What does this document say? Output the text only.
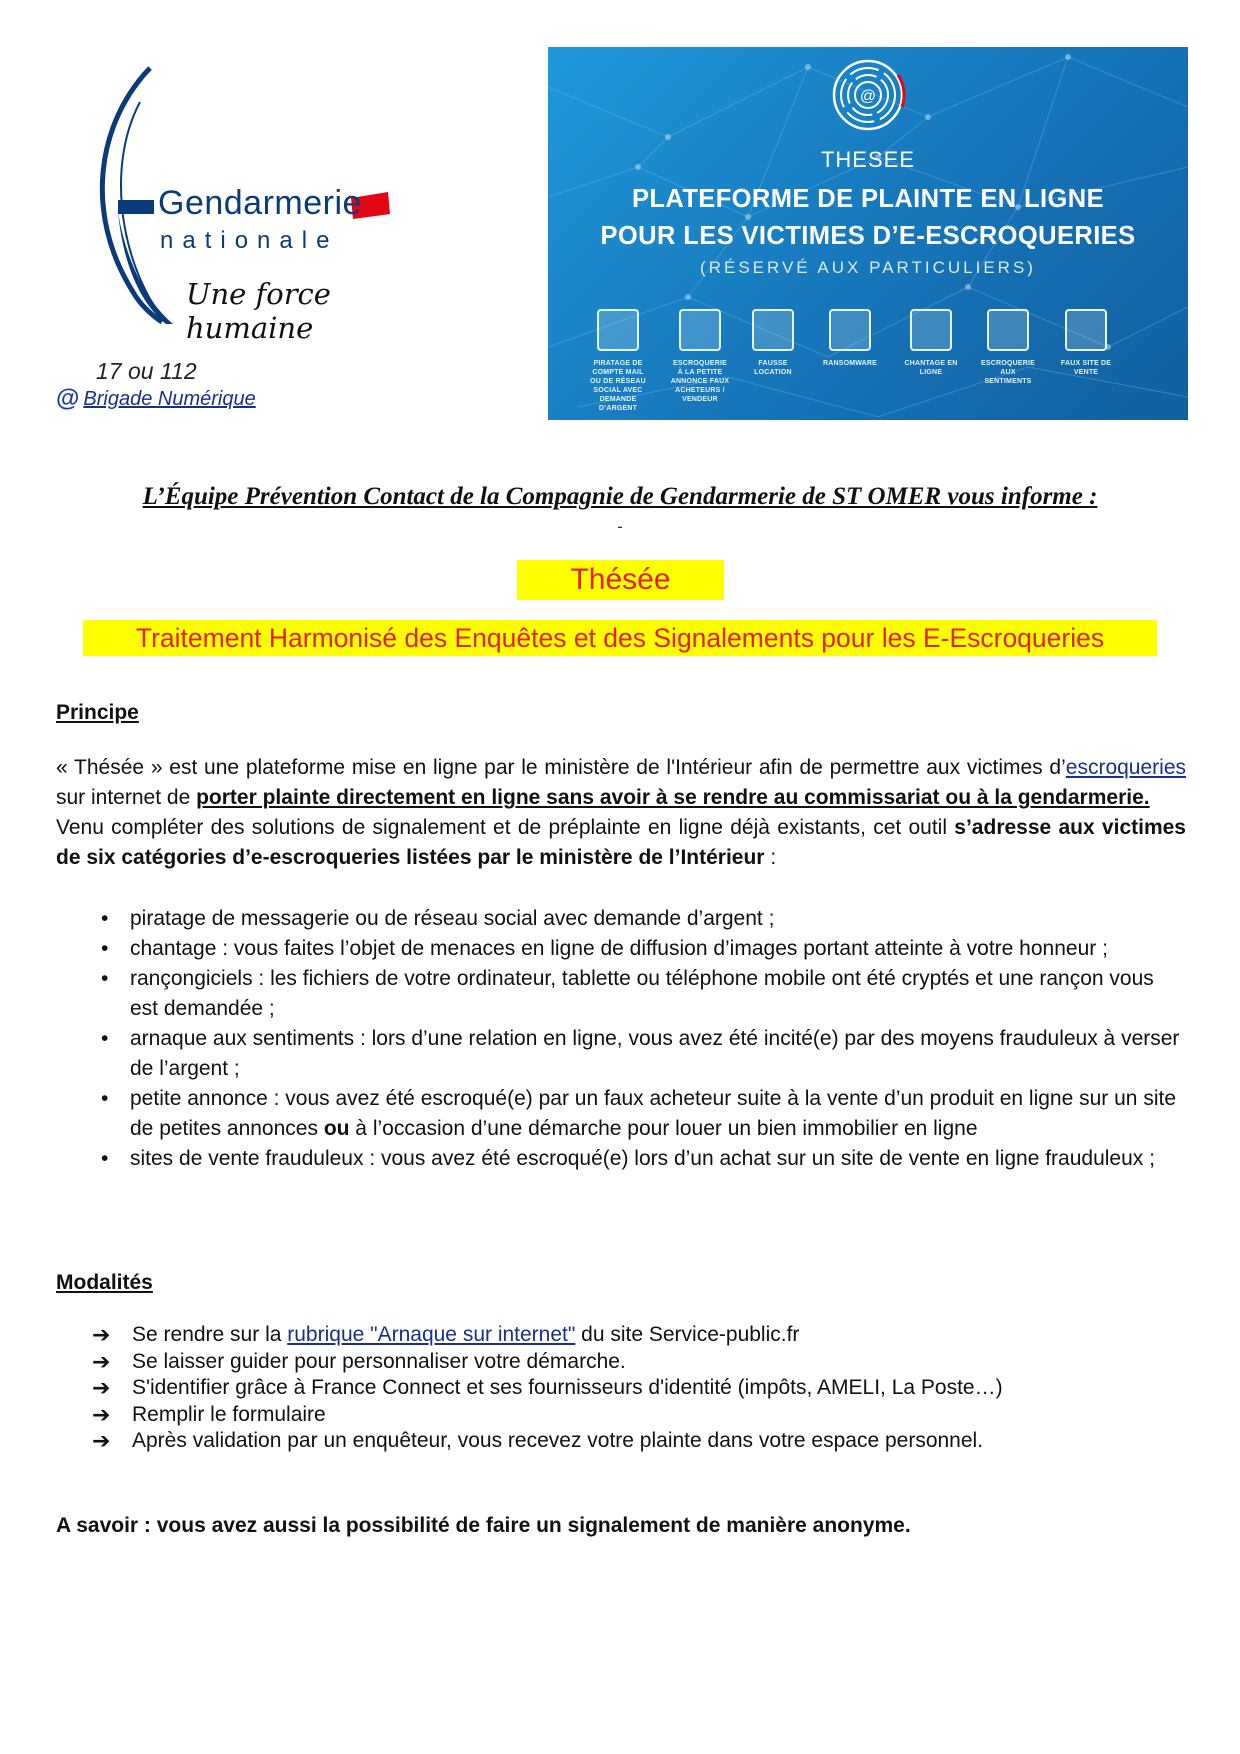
Gendarmerie
nationale
Une force humaine
17 ou 112
@ Brigade Numérique
@
THESEE
PLATEFORME DE PLAINTE EN LIGNE
POUR LES VICTIMES D’E-ESCROQUERIES
(RÉSERVÉ AUX PARTICULIERS)
PIRATAGE DE COMPTE MAIL OU DE RÉSEAU SOCIAL AVEC DEMANDE D’ARGENT
ESCROQUERIE À LA PETITE ANNONCE FAUX ACHETEURS / VENDEUR
FAUSSE LOCATION
RANSOMWARE	CHANTAGE EN LIGNE
ESCROQUERIE AUX SENTIMENTS
FAUX SITE DE VENTE
L’Équipe Prévention Contact de la Compagnie de Gendarmerie de ST OMER vous informe :
-
Thésée
Traitement Harmonisé des Enquêtes et des Signalements pour les E-Escroqueries
Principe

« Thésée » est une plateforme mise en ligne par le ministère de l'Intérieur afin de permettre aux victimes d’escroqueries sur internet de porter plainte directement en ligne sans avoir à se rendre au commissariat ou à la gendarmerie.

Venu compléter des solutions de signalement et de préplainte en ligne déjà existants, cet outil s’adresse aux victimes de six catégories d’e-escroqueries listées par le ministère de l’Intérieur :

• piratage de messagerie ou de réseau social avec demande d’argent ;
• chantage : vous faites l’objet de menaces en ligne de diffusion d’images portant atteinte à votre honneur ;
• rançongiciels : les fichiers de votre ordinateur, tablette ou téléphone mobile ont été cryptés et une rançon vous est demandée ;
• arnaque aux sentiments : lors d’une relation en ligne, vous avez été incité(e) par des moyens frauduleux à verser de l’argent ;
• petite annonce : vous avez été escroqué(e) par un faux acheteur suite à la vente d’un produit en ligne sur un site de petites annonces ou à l’occasion d’une démarche pour louer un bien immobilier en ligne
• sites de vente frauduleux : vous avez été escroqué(e) lors d’un achat sur un site de vente en ligne frauduleux ;
Modalités
➔ Se rendre sur la rubrique "Arnaque sur internet" du site Service-public.fr
➔ Se laisser guider pour personnaliser votre démarche.
➔ S'identifier grâce à France Connect et ses fournisseurs d'identité (impôts, AMELI, La Poste…)
➔ Remplir le formulaire
➔ Après validation par un enquêteur, vous recevez votre plainte dans votre espace personnel.
A savoir : vous avez aussi la possibilité de faire un signalement de manière anonyme.
